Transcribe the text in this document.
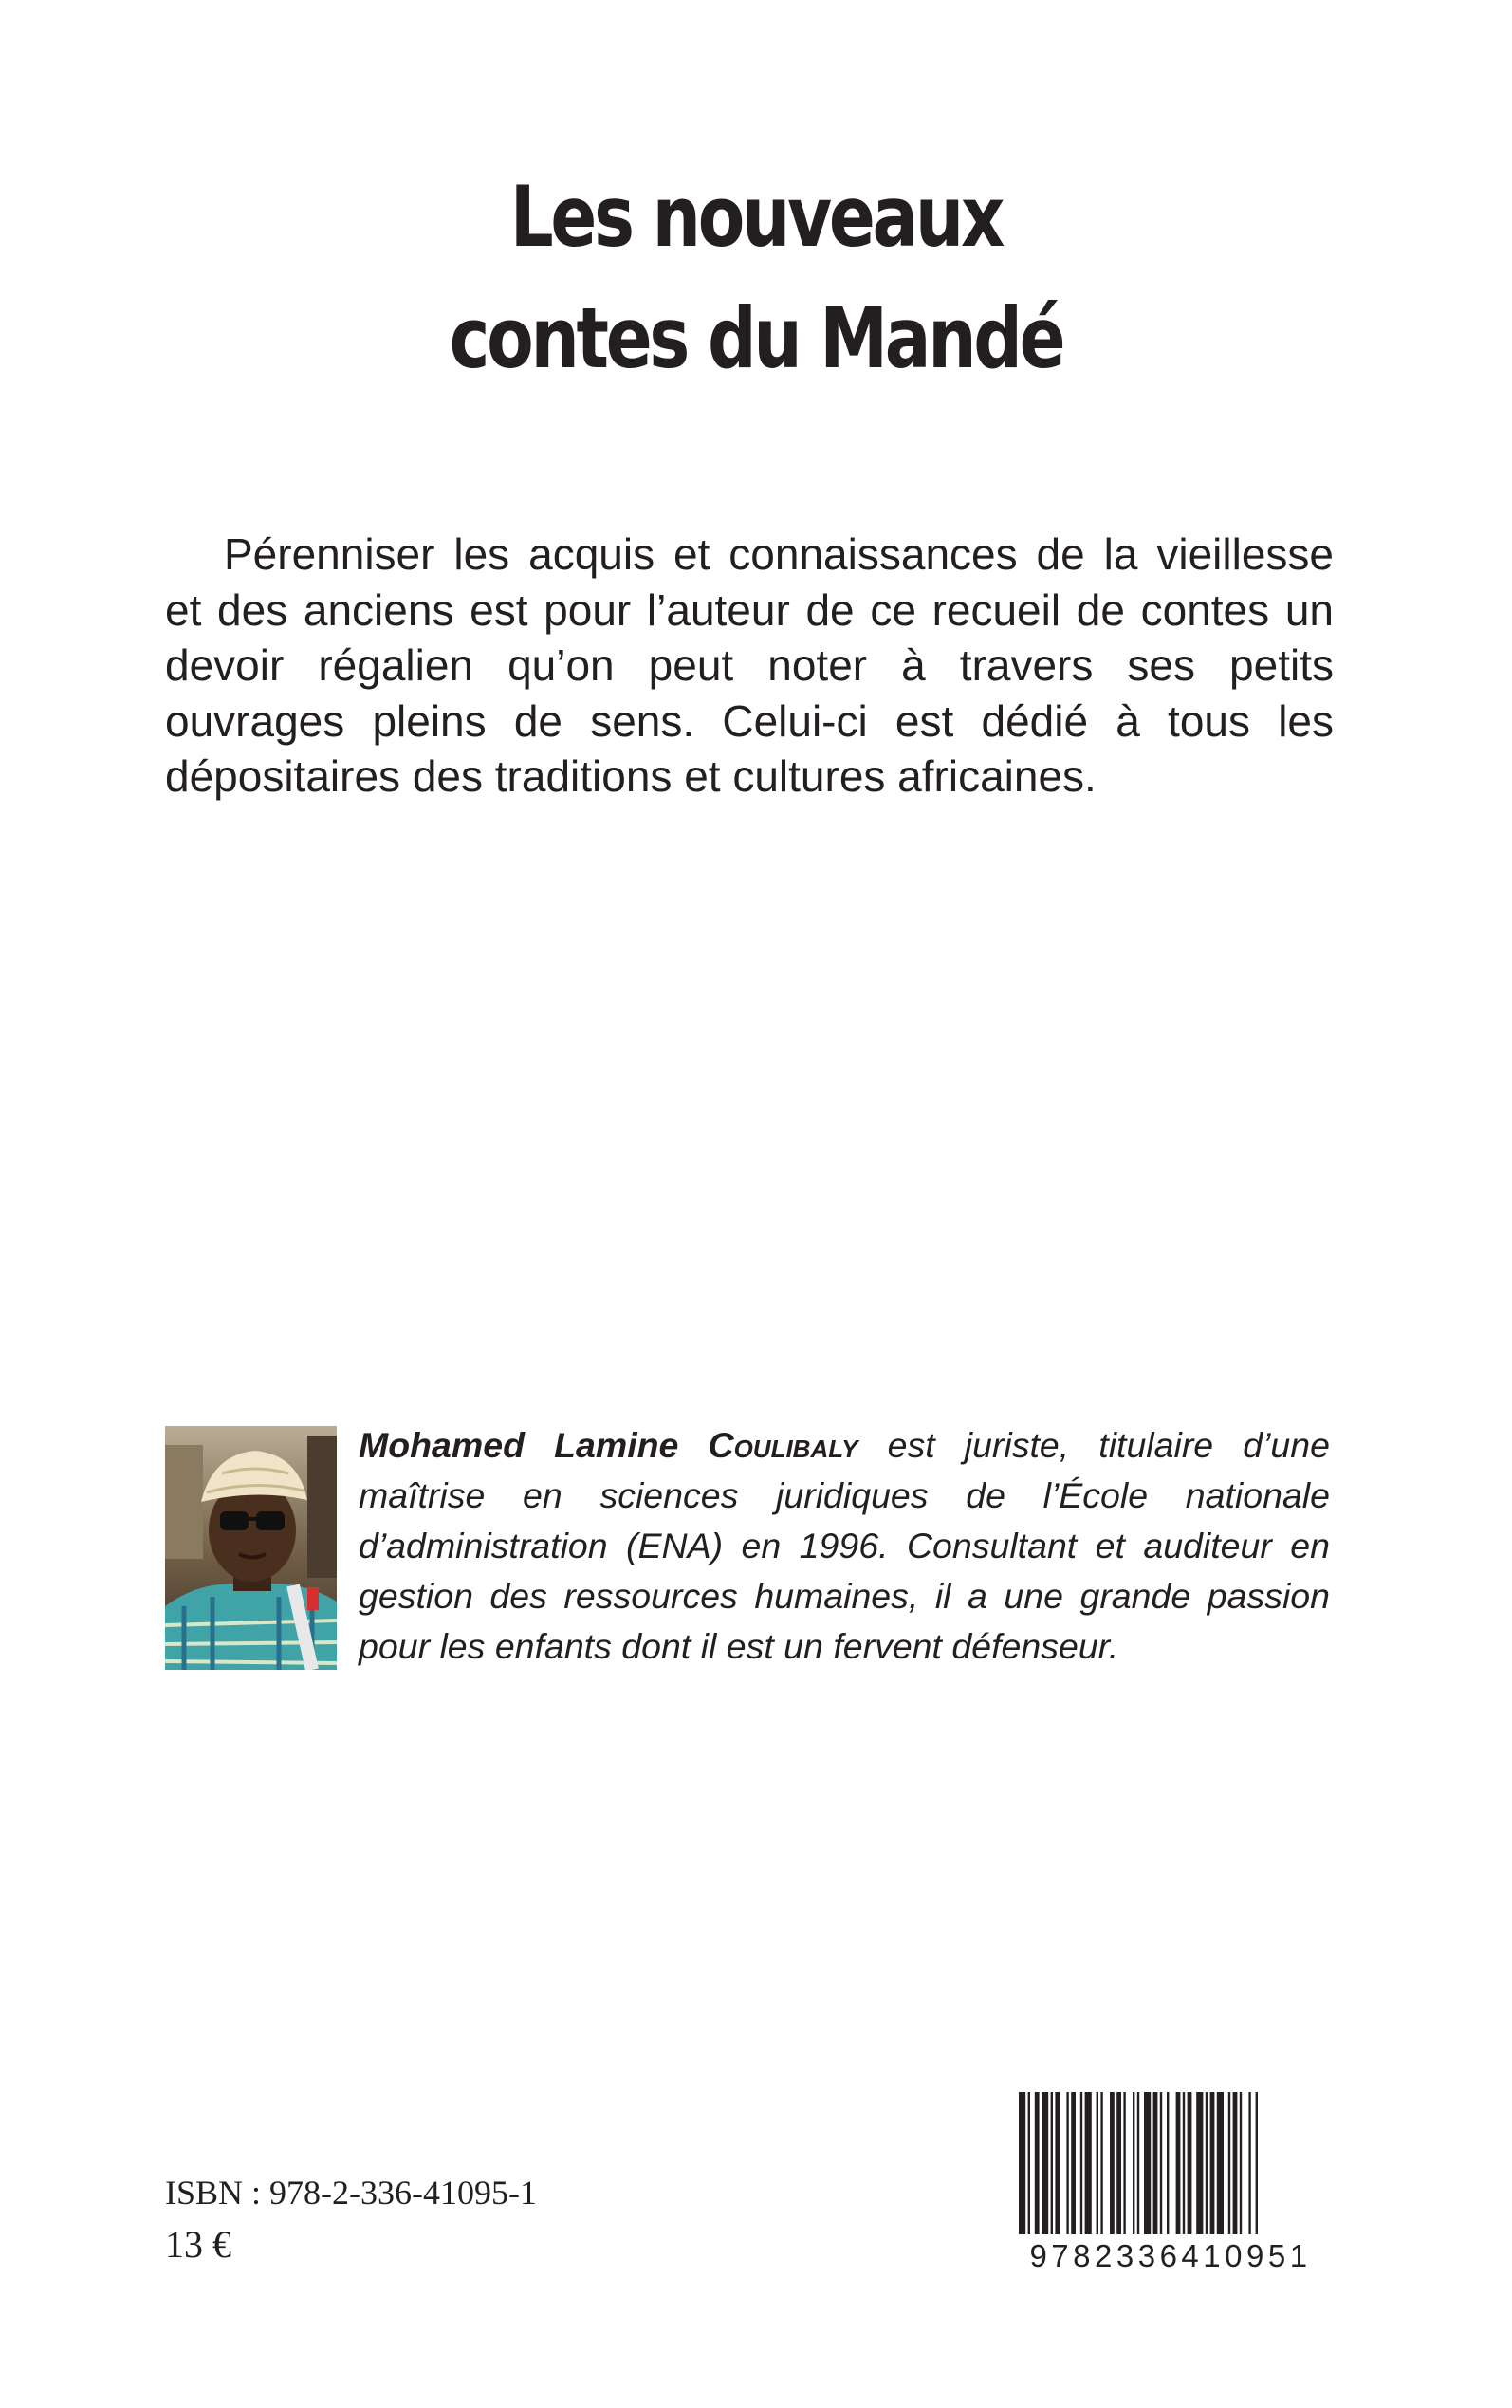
Les nouveaux
contes du Mandé

Pérenniser les acquis et connaissances de la vieillesse et des anciens est pour l’auteur de ce recueil de contes un devoir régalien qu’on peut noter à travers ses petits ouvrages pleins de sens. Celui-ci est dédié à tous les dépositaires des traditions et cultures africaines.

Mohamed Lamine Coulibaly est juriste, titulaire d’une maîtrise en sciences juridiques de l’École nationale d’administration (ENA) en 1996. Consultant et auditeur en gestion des ressources humaines, il a une grande passion pour les enfants dont il est un fervent défenseur.

ISBN : 978-2-336-41095-1
13 €	9782336410951
